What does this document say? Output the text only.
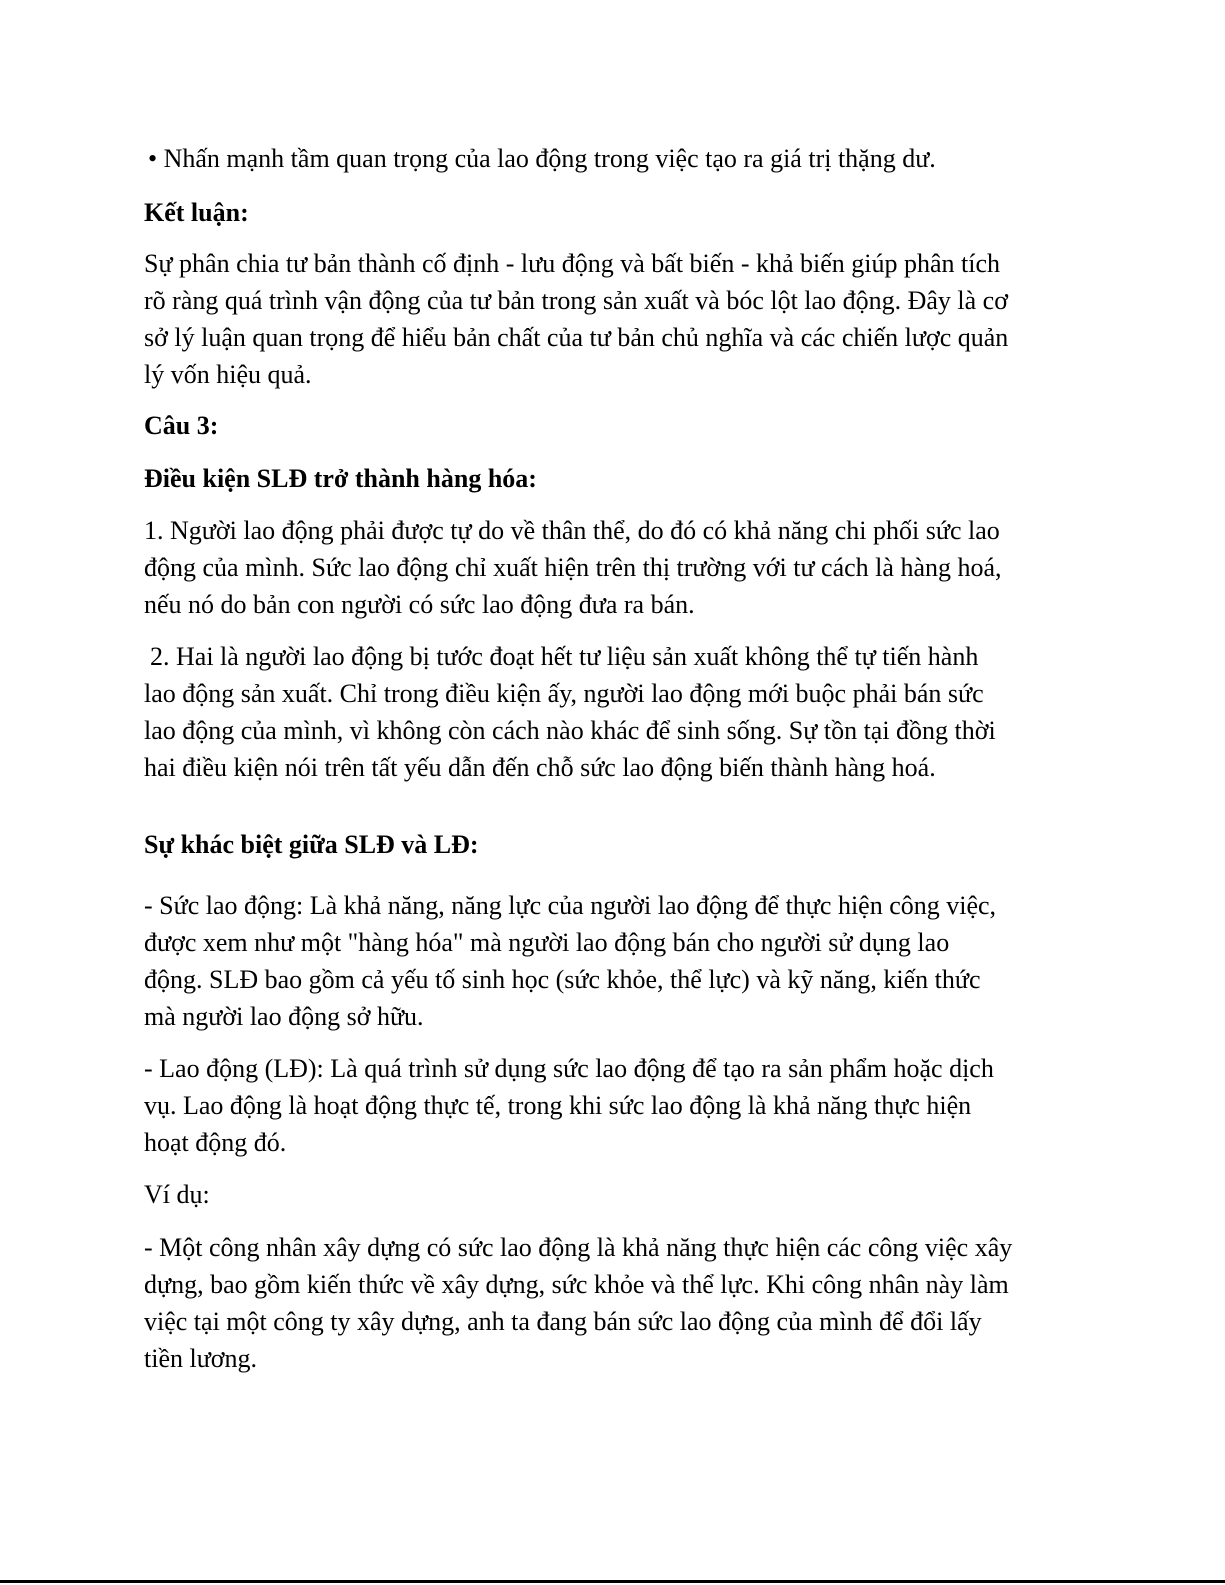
• Nhấn mạnh tầm quan trọng của lao động trong việc tạo ra giá trị thặng dư.

Kết luận:

Sự phân chia tư bản thành cố định - lưu động và bất biến - khả biến giúp phân tích
rõ ràng quá trình vận động của tư bản trong sản xuất và bóc lột lao động. Đây là cơ
sở lý luận quan trọng để hiểu bản chất của tư bản chủ nghĩa và các chiến lược quản
lý vốn hiệu quả.

Câu 3:

Điều kiện SLĐ trở thành hàng hóa:

1. Người lao động phải được tự do về thân thể, do đó có khả năng chi phối sức lao
động của mình. Sức lao động chỉ xuất hiện trên thị trường với tư cách là hàng hoá,
nếu nó do bản con người có sức lao động đưa ra bán.

2. Hai là người lao động bị tước đoạt hết tư liệu sản xuất không thể tự tiến hành
lao động sản xuất. Chỉ trong điều kiện ấy, người lao động mới buộc phải bán sức
lao động của mình, vì không còn cách nào khác để sinh sống. Sự tồn tại đồng thời
hai điều kiện nói trên tất yếu dẫn đến chỗ sức lao động biến thành hàng hoá.

Sự khác biệt giữa SLĐ và LĐ:

- Sức lao động: Là khả năng, năng lực của người lao động để thực hiện công việc,
được xem như một "hàng hóa" mà người lao động bán cho người sử dụng lao
động. SLĐ bao gồm cả yếu tố sinh học (sức khỏe, thể lực) và kỹ năng, kiến thức
mà người lao động sở hữu.

- Lao động (LĐ): Là quá trình sử dụng sức lao động để tạo ra sản phẩm hoặc dịch
vụ. Lao động là hoạt động thực tế, trong khi sức lao động là khả năng thực hiện
hoạt động đó.

Ví dụ:

- Một công nhân xây dựng có sức lao động là khả năng thực hiện các công việc xây
dựng, bao gồm kiến thức về xây dựng, sức khỏe và thể lực. Khi công nhân này làm
việc tại một công ty xây dựng, anh ta đang bán sức lao động của mình để đổi lấy
tiền lương.
